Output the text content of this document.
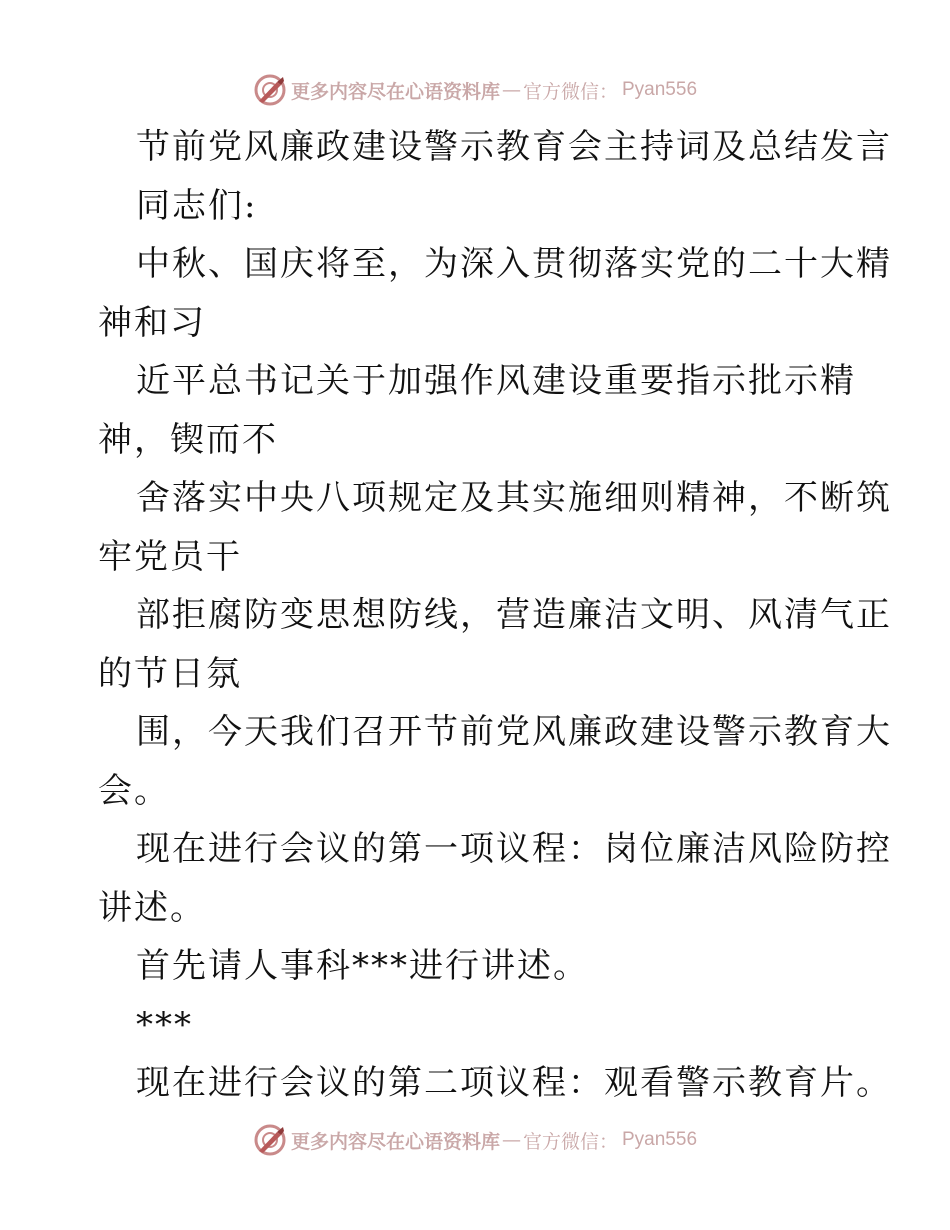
更多内容尽在心语资料库 — 官方微信： Pyan556
节前党风廉政建设警示教育会主持词及总结发言
同志们:
中秋、国庆将至，为深入贯彻落实党的二十大精
神和习
近平总书记关于加强作风建设重要指示批示精
神，锲而不
舍落实中央八项规定及其实施细则精神，不断筑
牢党员干
部拒腐防变思想防线，营造廉洁文明、风清气正
的节日氛
围，今天我们召开节前党风廉政建设警示教育大
会。
现在进行会议的第一项议程：岗位廉洁风险防控
讲述。
首先请人事科***进行讲述。
***
现在进行会议的第二项议程：观看警示教育片。
更多内容尽在心语资料库 — 官方微信： Pyan556
